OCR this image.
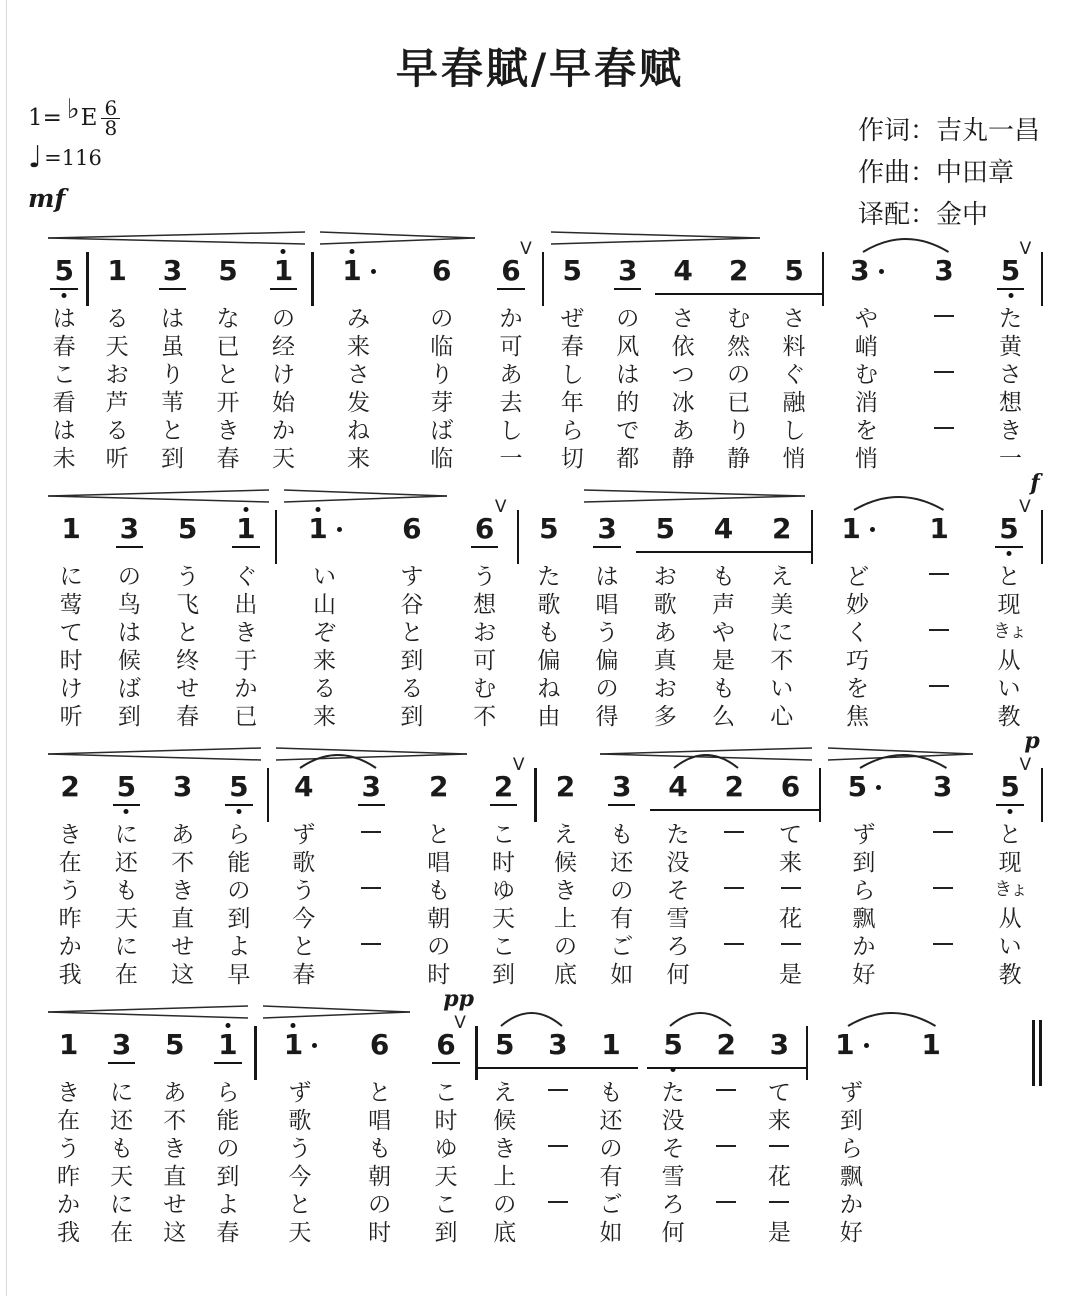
早春賦/早春赋
1= ♭ E $\frac{6}{8}$
♩ =116
mf
作词：吉丸一昌
作曲：中田章
译配：金中
5
は
春
こ
看
は
未
1
る
天
お
芦
る
听
3
は
虽
り
苇
と
到
5
な
已
と
开
き
春
1
の
经
け
始
か
天
1
み
来
さ
发
ね
来
6
の
临
り
芽
ば
临
V
6
か
可
あ
去
し
一
5
ぜ
春
し
年
ら
切
3
の
风
は
的
で
都
4
さ
依
つ
冰
あ
静
2
む
然
の
已
り
静
5
さ
料
ぐ
融
し
悄
3
や
峭
む
消
を
悄
3
V
5
た
黄
さ
想
き
一
1
に
莺
て
时
け
听
3
の
鸟
は
候
ば
到
5
う
飞
と
终
せ
春
1
ぐ
出
き
于
か
已
1
い
山
ぞ
来
る
来
6
す
谷
と
到
る
到
V
6
う
想
お
可
む
不
5
た
歌
も
偏
ね
由
3
は
唱
う
偏
の
得
5
お
歌
あ
真
お
多
4
も
声
や
是
も
么
2
え
美
に
不
い
心
1
ど
妙
く
巧
を
焦
1
f
V
5
と
现
きょ
从
い
教
2
き
在
う
昨
か
我
5
に
还
も
天
に
在
3
あ
不
き
直
せ
这
5
ら
能
の
到
よ
早
4
ず
歌
う
今
と
春
3 2
と
唱
も
朝
の
时
V
2
こ
时
ゆ
天
こ
到
2
え
候
き
上
の
底
3
も
还
の
有
ご
如
4
た
没
そ
雪
ろ
何
2 6
て
来
花
是
5
ず
到
ら
飘
か
好
3
p
V
5
と
现
きょ
从
い
教
1
き
在
う
昨
か
我
3
に
还
も
天
に
在
5
あ
不
き
直
せ
这
1
ら
能
の
到
よ
春
1
ず
歌
う
今
と
天
6
と
唱
も
朝
の
时
pp
V
6
こ
时
ゆ
天
こ
到
5
え
候
き
上
の
底
3 1
も
还
の
有
ご
如
5
た
没
そ
雪
ろ
何
2 3
て
来
花
是
1
ず
到
ら
飘
か
好
1
